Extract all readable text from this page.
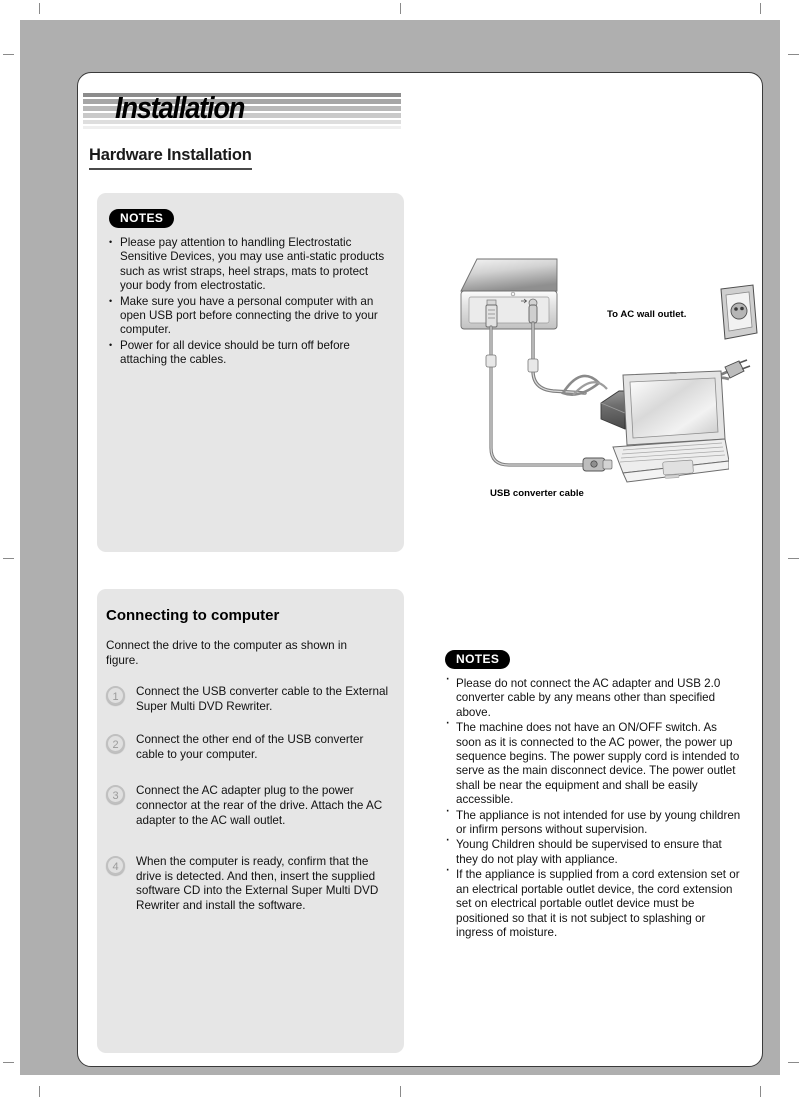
Installation
Hardware Installation
NOTES
• Please pay attention to handling Electrostatic Sensitive Devices, you may use anti-static products such as wrist straps, heel straps, mats to protect your body from electrostatic.
• Make sure you have a personal computer with an open USB port before connecting the drive to your computer.
• Power for all device should be turn off before attaching the cables.
To AC wall outlet.
USB converter cable
Connecting to computer
Connect the drive to the computer as shown in figure.
1	Connect the USB converter cable to the External Super Multi DVD Rewriter.
2	Connect the other end of the USB converter cable to your computer.
3	Connect the AC adapter plug to the power connector at the rear of the drive. Attach the AC adapter to the AC wall outlet.
4	When the computer is ready, confirm that the drive is detected. And then, insert the supplied software CD into the External Super Multi DVD Rewriter and install the software.
NOTES
· Please do not connect the AC adapter and USB 2.0 converter cable by any means other than specified above.
· The machine does not have an ON/OFF switch. As soon as it is connected to the AC power, the power up sequence begins. The power supply cord is intended to serve as the main disconnect device. The power outlet shall be near the equipment and shall be easily accessible.
· The appliance is not intended for use by young children or infirm persons without supervision.
· Young Children should be supervised to ensure that they do not play with appliance.
· If the appliance is supplied from a cord extension set or an electrical portable outlet device, the cord extension set on electrical portable outlet device must be positioned so that it is not subject to splashing or ingress of moisture.
